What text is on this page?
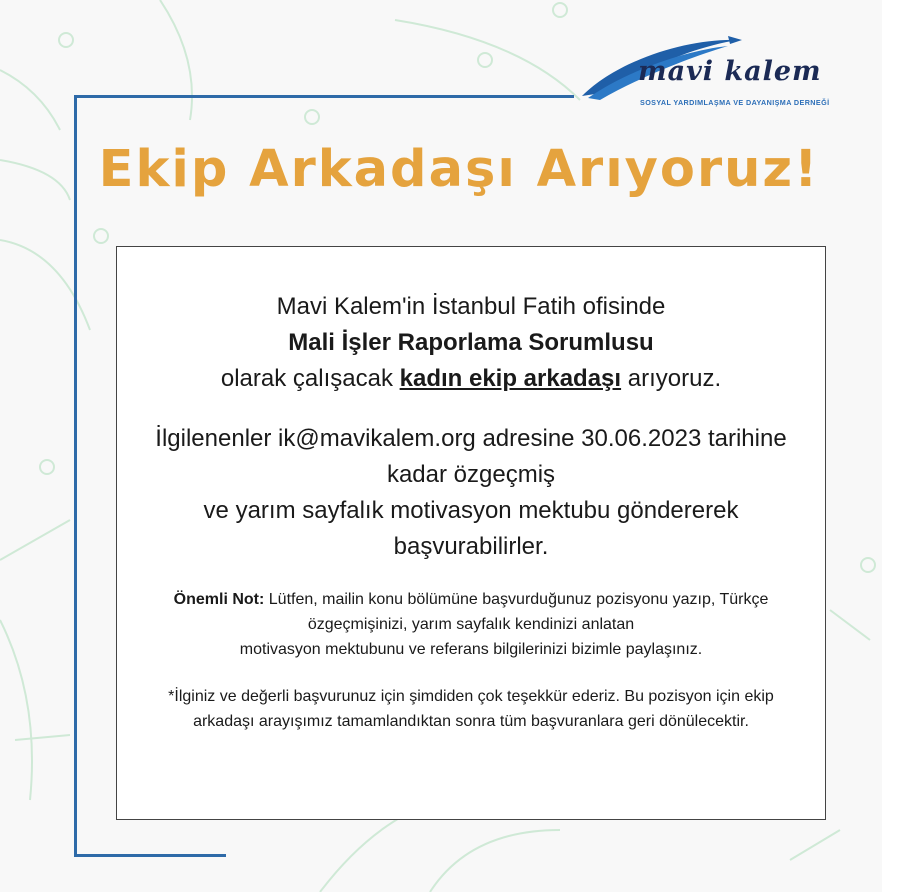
mavi kalem
SOSYAL YARDIMLAŞMA VE DAYANIŞMA DERNEĞİ
Ekip Arkadaşı Arıyoruz!

Mavi Kalem'in İstanbul Fatih ofisinde

Mali İşler Raporlama Sorumlusu

olarak çalışacak kadın ekip arkadaşı arıyoruz.

İlgilenenler ik@mavikalem.org adresine 30.06.2023 tarihine

kadar özgeçmiş

ve yarım sayfalık motivasyon mektubu göndererek

başvurabilirler.

Önemli Not: Lütfen, mailin konu bölümüne başvurduğunuz pozisyonu yazıp, Türkçe

özgeçmişinizi, yarım sayfalık kendinizi anlatan

motivasyon mektubunu ve referans bilgilerinizi bizimle paylaşınız.

*İlginiz ve değerli başvurunuz için şimdiden çok teşekkür ederiz. Bu pozisyon için ekip

arkadaşı arayışımız tamamlandıktan sonra tüm başvuranlara geri dönülecektir.
